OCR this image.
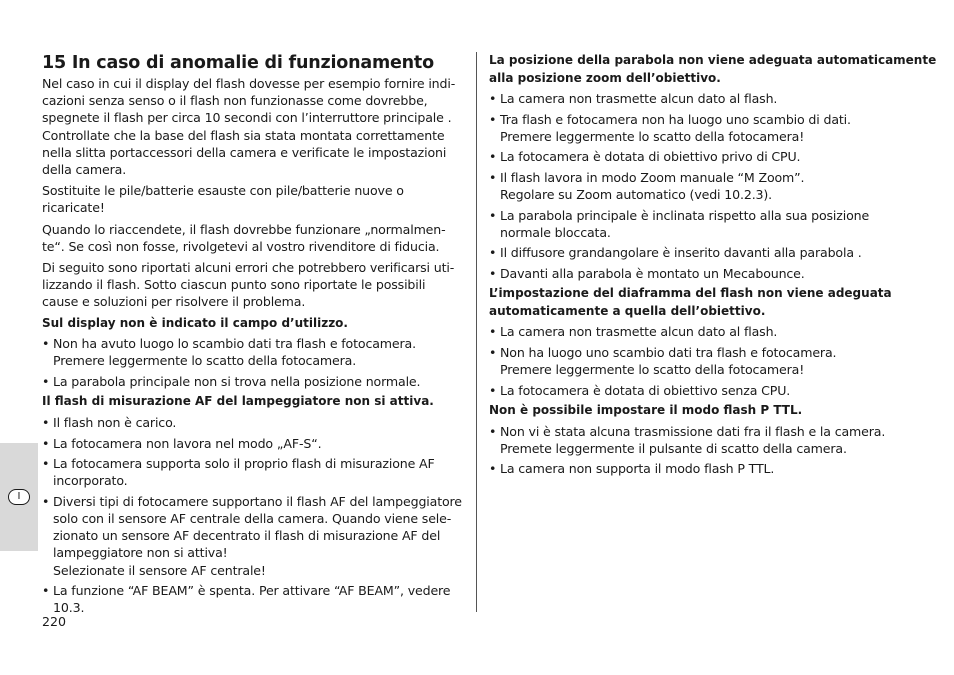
I
15 In caso di anomalie di funzionamento

Nel caso in cui il display del flash dovesse per esempio fornire indi-
cazioni senza senso o il flash non funzionasse come dovrebbe,
spegnete il flash per circa 10 secondi con l’interruttore principale .
Controllate che la base del flash sia stata montata correttamente
nella slitta portaccessori della camera e verificate le impostazioni
della camera.

Sostituite le pile/batterie esauste con pile/batterie nuove o
ricaricate!

Quando lo riaccendete, il flash dovrebbe funzionare „normalmen-
te“. Se così non fosse, rivolgetevi al vostro rivenditore di fiducia.

Di seguito sono riportati alcuni errori che potrebbero verificarsi uti-
lizzando il flash. Sotto ciascun punto sono riportate le possibili
cause e soluzioni per risolvere il problema.

Sul display non è indicato il campo d’utilizzo.
• Non ha avuto luogo lo scambio dati tra flash e fotocamera.
Premere leggermente lo scatto della fotocamera.
• La parabola principale non si trova nella posizione normale.
Il flash di misurazione AF del lampeggiatore non si attiva.
• Il flash non è carico.
• La fotocamera non lavora nel modo „AF-S“.
• La fotocamera supporta solo il proprio flash di misurazione AF
incorporato.
• Diversi tipi di fotocamere supportano il flash AF del lampeggiatore
solo con il sensore AF centrale della camera. Quando viene sele-
zionato un sensore AF decentrato il flash di misurazione AF del
lampeggiatore non si attiva!
Selezionate il sensore AF centrale!
• La funzione “AF BEAM” è spenta. Per attivare “AF BEAM”, vedere
10.3.
La posizione della parabola non viene adeguata automaticamente
alla posizione zoom dell’obiettivo.
• La camera non trasmette alcun dato al flash.
• Tra flash e fotocamera non ha luogo uno scambio di dati.
Premere leggermente lo scatto della fotocamera!
• La fotocamera è dotata di obiettivo privo di CPU.
• Il flash lavora in modo Zoom manuale “M Zoom”.
Regolare su Zoom automatico (vedi 10.2.3).
• La parabola principale è inclinata rispetto alla sua posizione
normale bloccata.
• Il diffusore grandangolare è inserito davanti alla parabola .
• Davanti alla parabola è montato un Mecabounce.
L’impostazione del diaframma del flash non viene adeguata
automaticamente a quella dell’obiettivo.
• La camera non trasmette alcun dato al flash.
• Non ha luogo uno scambio dati tra flash e fotocamera.
Premere leggermente lo scatto della fotocamera!
• La fotocamera è dotata di obiettivo senza CPU.
Non è possibile impostare il modo flash P TTL.
• Non vi è stata alcuna trasmissione dati fra il flash e la camera.
Premete leggermente il pulsante di scatto della camera.
• La camera non supporta il modo flash P TTL.
220
